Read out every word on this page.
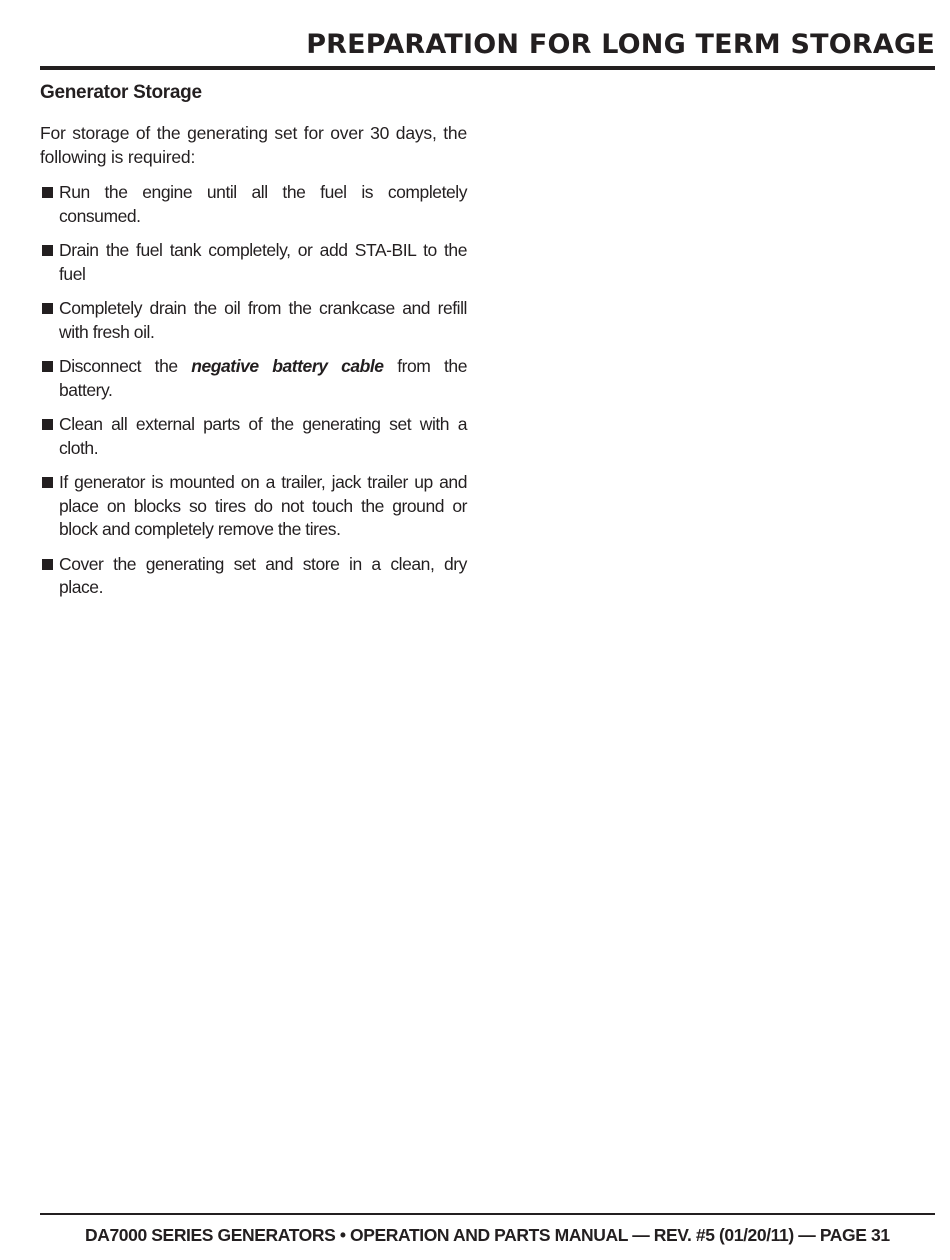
PREPARATION FOR LONG TERM STORAGE
Generator Storage

For storage of the generating set for over 30 days, the following is required:

Run the engine until all the fuel is completely consumed.
Drain the fuel tank completely, or add STA-BIL to the fuel
Completely drain the oil from the crankcase and refill with fresh oil.
Disconnect the negative battery cable from the battery.
Clean all external parts of the generating set with a cloth.
If generator is mounted on a trailer, jack trailer up and place on blocks so tires do not touch the ground or block and completely remove the tires.
Cover the generating set and store in a clean, dry place.

DA7000 SERIES GENERATORS • OPERATION AND PARTS MANUAL — REV. #5 (01/20/11) — PAGE 31
